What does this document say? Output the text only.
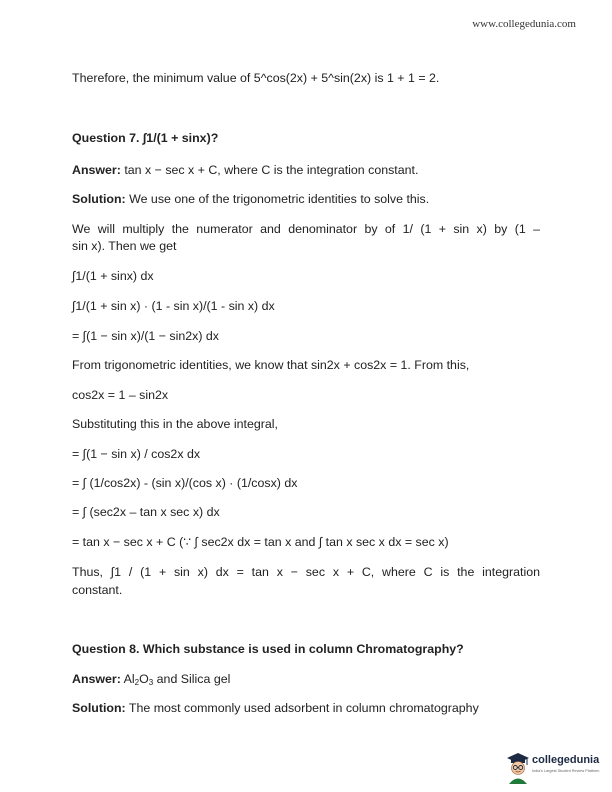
www.collegedunia.com
Therefore, the minimum value of 5^cos(2x) + 5^sin(2x) is 1 + 1 = 2.
Question 7. ∫1/(1 + sinx)?
Answer: tan x − sec x + C, where C is the integration constant.
Solution: We use one of the trigonometric identities to solve this.
We will multiply the numerator and denominator by of 1/ (1 + sin x) by (1 –
sin x). Then we get
∫1/(1 + sinx) dx
∫1/(1 + sin x) · (1 - sin x)/(1 - sin x) dx
= ∫(1 − sin x)/(1 − sin2x) dx
From trigonometric identities, we know that sin2x + cos2x = 1. From this,
cos2x = 1 – sin2x
Substituting this in the above integral,
= ∫(1 − sin x) / cos2x dx
= ∫ (1/cos2x) - (sin x)/(cos x) · (1/cosx) dx
= ∫ (sec2x – tan x sec x) dx
= tan x − sec x + C (∵ ∫ sec2x dx = tan x and ∫ tan x sec x dx = sec x)
Thus, ∫1 / (1 + sin x) dx = tan x − sec x + C, where C is the integration
constant.
Question 8. Which substance is used in column Chromatography?
Answer: $Al_2O_3$ and Silica gel
Solution: The most commonly used adsorbent in column chromatography
collegedunia
India's Largest Student Review Platform
